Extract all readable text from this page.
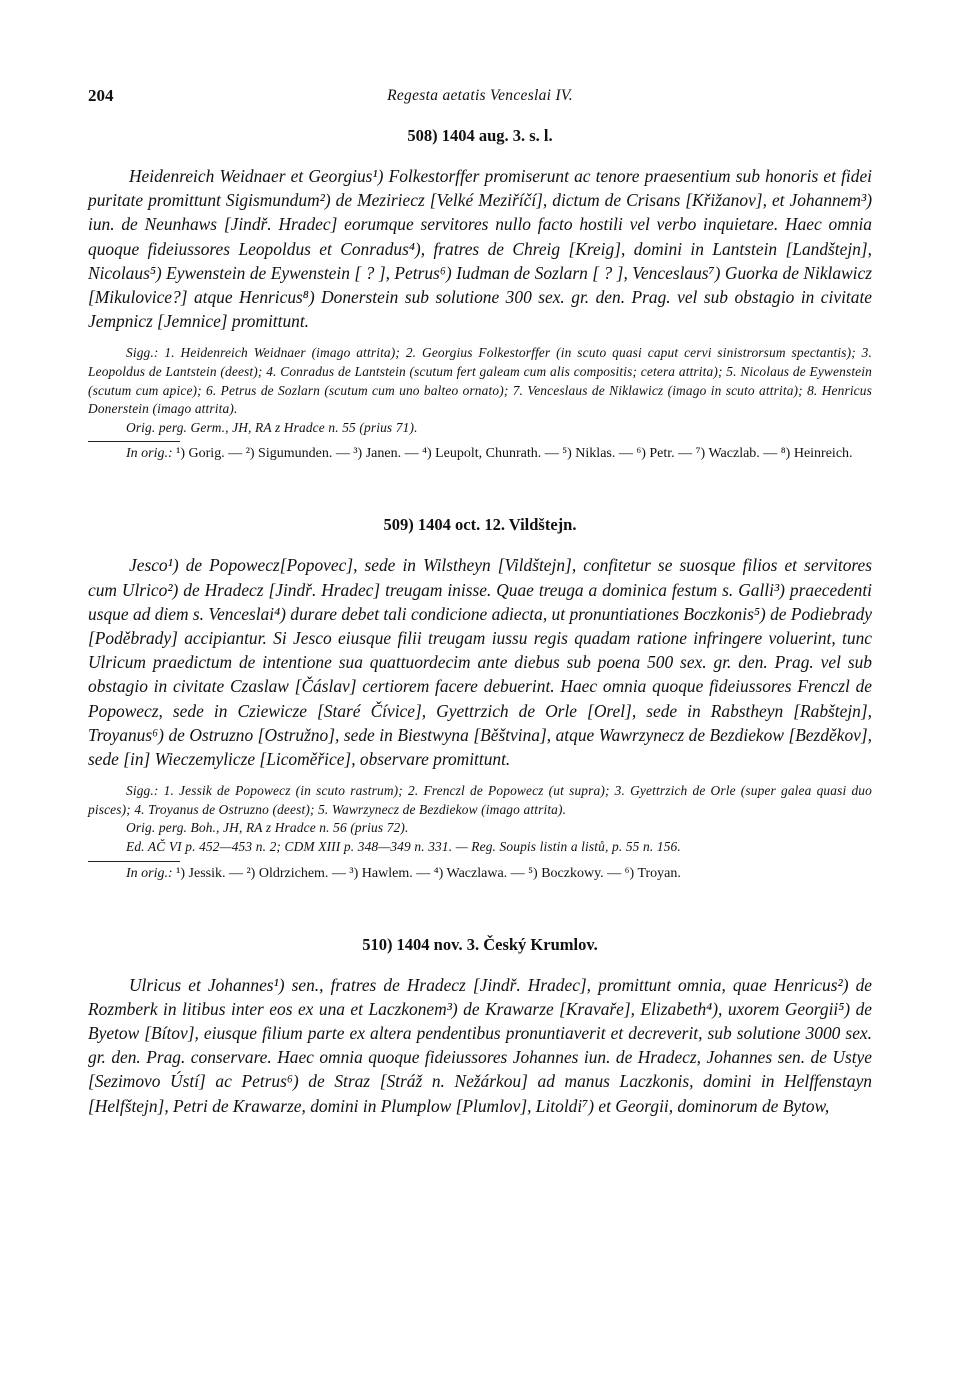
204	Regesta aetatis Venceslai IV.
508) 1404 aug. 3. s. l.

Heidenreich Weidnaer et Georgius¹) Folkestorffer promiserunt ac tenore praesentium sub honoris et fidei puritate promittunt Sigismundum²) de Meziriecz [Velké Meziříčí], dictum de Crisans [Křižanov], et Johannem³) iun. de Neunhaws [Jindř. Hradec] eorumque servitores nullo facto hostili vel verbo inquietare. Haec omnia quoque fideiussores Leopoldus et Conradus⁴), fratres de Chreig [Kreig], domini in Lantstein [Landštejn], Nicolaus⁵) Eywenstein de Eywenstein [ ? ], Petrus⁶) Iudman de Sozlarn [ ? ], Venceslaus⁷) Guorka de Niklawicz [Mikulovice?] atque Henricus⁸) Donerstein sub solutione 300 sex. gr. den. Prag. vel sub obstagio in civitate Jempnicz [Jemnice] promittunt.

Sigg.: 1. Heidenreich Weidnaer (imago attrita); 2. Georgius Folkestorffer (in scuto quasi caput cervi sinistrorsum spectantis); 3. Leopoldus de Lantstein (deest); 4. Conradus de Lantstein (scutum fert galeam cum alis compositis; cetera attrita); 5. Nicolaus de Eywenstein (scutum cum apice); 6. Petrus de Sozlarn (scutum cum uno balteo ornato); 7. Venceslaus de Niklawicz (imago in scuto attrita); 8. Henricus Donerstein (imago attrita).

Orig. perg. Germ., JH, RA z Hradce n. 55 (prius 71).

In orig.: ¹) Gorig. — ²) Sigumunden. — ³) Janen. — ⁴) Leupolt, Chunrath. — ⁵) Niklas. — ⁶) Petr. — ⁷) Waczlab. — ⁸) Heinreich.

509) 1404 oct. 12. Vildštejn.

Jesco¹) de Popowecz[Popovec], sede in Wilstheyn [Vildštejn], confitetur se suosque filios et servitores cum Ulrico²) de Hradecz [Jindř. Hradec] treugam inisse. Quae treuga a dominica festum s. Galli³) praecedenti usque ad diem s. Venceslai⁴) durare debet tali condicione adiecta, ut pronuntiationes Boczkonis⁵) de Podiebrady [Poděbrady] accipiantur. Si Jesco eiusque filii treugam iussu regis quadam ratione infringere voluerint, tunc Ulricum praedictum de intentione sua quattuordecim ante diebus sub poena 500 sex. gr. den. Prag. vel sub obstagio in civitate Czaslaw [Čáslav] certiorem facere debuerint. Haec omnia quoque fideiussores Frenczl de Popowecz, sede in Cziewicze [Staré Čívice], Gyettrzich de Orle [Orel], sede in Rabstheyn [Rabštejn], Troyanus⁶) de Ostruzno [Ostružno], sede in Biestwyna [Běštvina], atque Wawrzynecz de Bezdiekow [Bezděkov], sede [in] Wieczemylicze [Licoměřice], observare promittunt.

Sigg.: 1. Jessik de Popowecz (in scuto rastrum); 2. Frenczl de Popowecz (ut supra); 3. Gyettrzich de Orle (super galea quasi duo pisces); 4. Troyanus de Ostruzno (deest); 5. Wawrzynecz de Bezdiekow (imago attrita).

Orig. perg. Boh., JH, RA z Hradce n. 56 (prius 72).

Ed. AČ VI p. 452—453 n. 2; CDM XIII p. 348—349 n. 331. — Reg. Soupis listin a listů, p. 55 n. 156.

In orig.: ¹) Jessik. — ²) Oldrzichem. — ³) Hawlem. — ⁴) Waczlawa. — ⁵) Boczkowy. — ⁶) Troyan.

510) 1404 nov. 3. Český Krumlov.

Ulricus et Johannes¹) sen., fratres de Hradecz [Jindř. Hradec], promittunt omnia, quae Henricus²) de Rozmberk in litibus inter eos ex una et Laczkonem³) de Krawarze [Kravaře], Elizabeth⁴), uxorem Georgii⁵) de Byetow [Bítov], eiusque filium parte ex altera pendentibus pronuntiaverit et decreverit, sub solutione 3000 sex. gr. den. Prag. conservare. Haec omnia quoque fideiussores Johannes iun. de Hradecz, Johannes sen. de Ustye [Sezimovo Ústí] ac Petrus⁶) de Straz [Stráž n. Nežárkou] ad manus Laczkonis, domini in Helffenstayn [Helfštejn], Petri de Krawarze, domini in Plumplow [Plumlov], Litoldi⁷) et Georgii, dominorum de Bytow,
